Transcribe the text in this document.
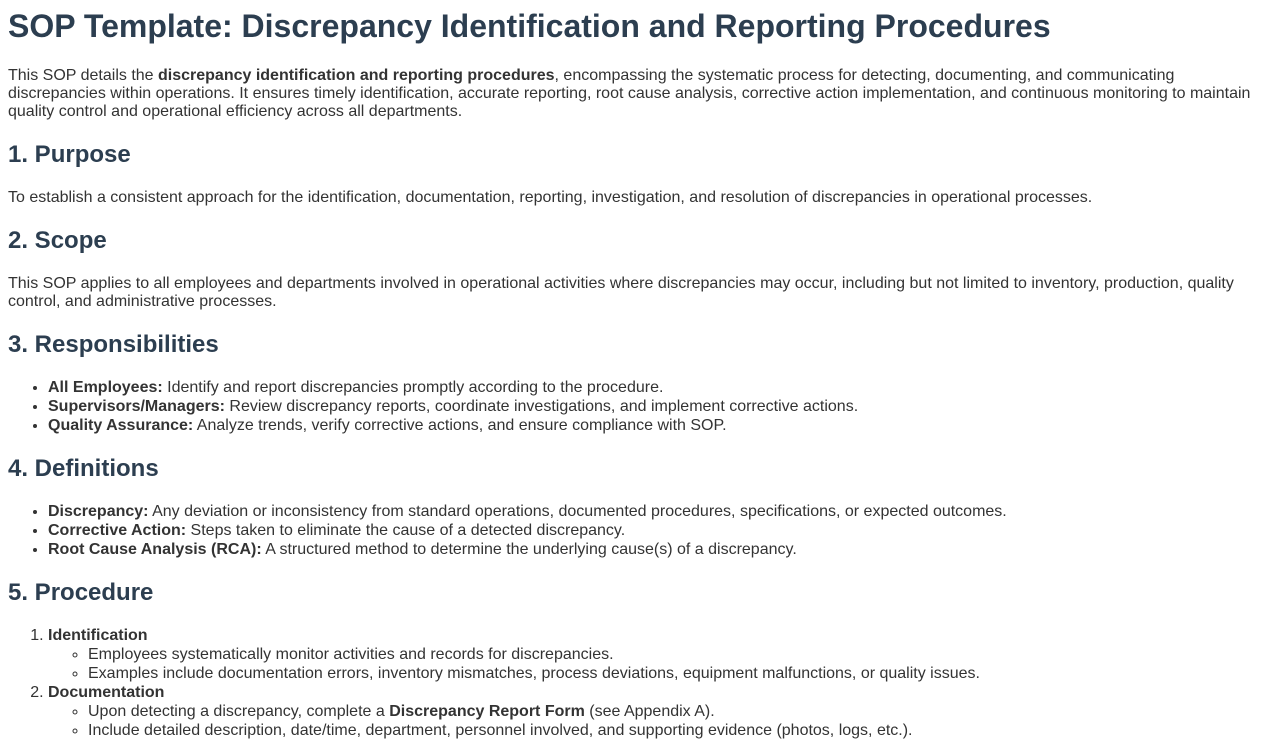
SOP Template: Discrepancy Identification and Reporting Procedures

This SOP details the discrepancy identification and reporting procedures, encompassing the systematic process for detecting, documenting, and communicating discrepancies within operations. It ensures timely identification, accurate reporting, root cause analysis, corrective action implementation, and continuous monitoring to maintain quality control and operational efficiency across all departments.

1. Purpose

To establish a consistent approach for the identification, documentation, reporting, investigation, and resolution of discrepancies in operational processes.

2. Scope

This SOP applies to all employees and departments involved in operational activities where discrepancies may occur, including but not limited to inventory, production, quality control, and administrative processes.

3. Responsibilities
• All Employees: Identify and report discrepancies promptly according to the procedure.
• Supervisors/Managers: Review discrepancy reports, coordinate investigations, and implement corrective actions.
• Quality Assurance: Analyze trends, verify corrective actions, and ensure compliance with SOP.
4. Definitions
• Discrepancy: Any deviation or inconsistency from standard operations, documented procedures, specifications, or expected outcomes.
• Corrective Action: Steps taken to eliminate the cause of a detected discrepancy.
• Root Cause Analysis (RCA): A structured method to determine the underlying cause(s) of a discrepancy.
5. Procedure
1. Identification
◦ Employees systematically monitor activities and records for discrepancies.
◦ Examples include documentation errors, inventory mismatches, process deviations, equipment malfunctions, or quality issues.
2. Documentation
◦ Upon detecting a discrepancy, complete a Discrepancy Report Form (see Appendix A).
◦ Include detailed description, date/time, department, personnel involved, and supporting evidence (photos, logs, etc.).
